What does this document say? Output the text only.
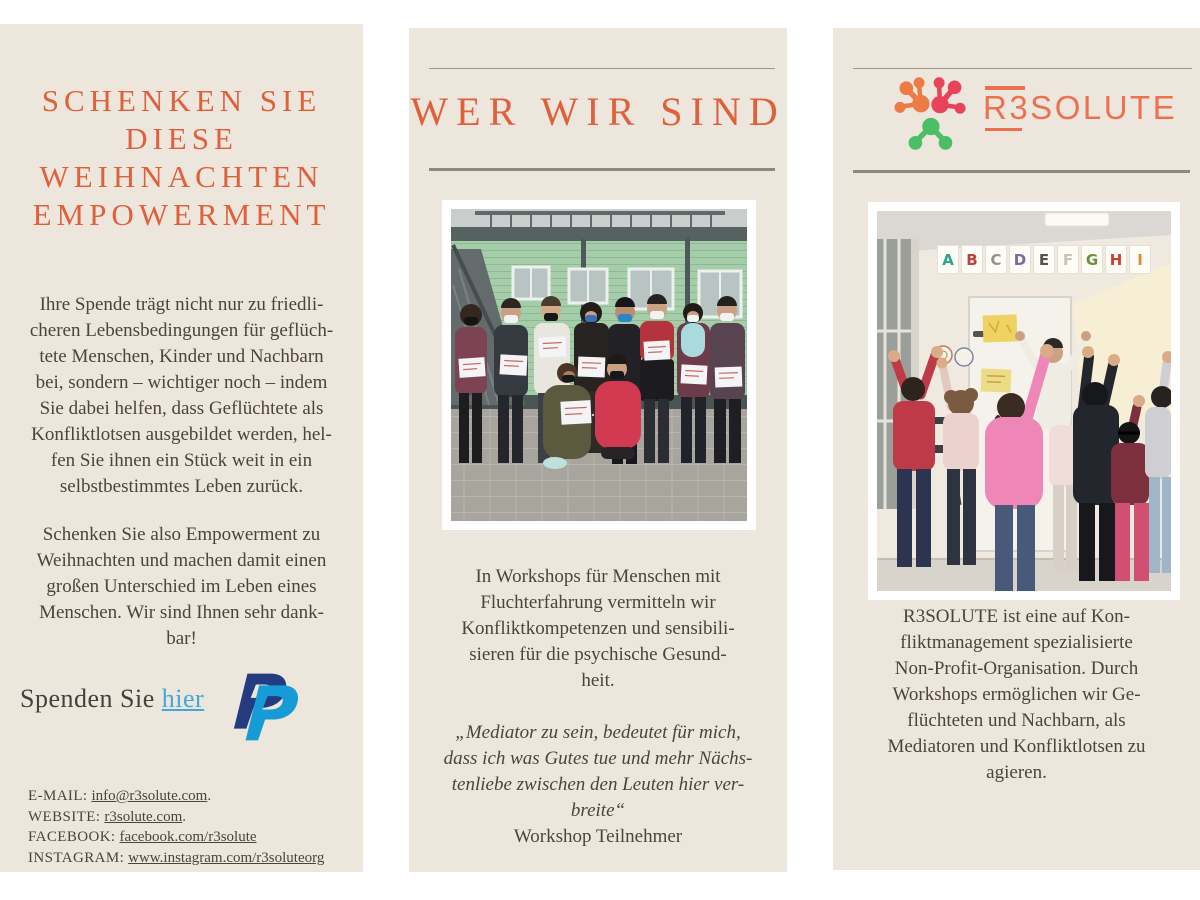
SCHENKEN SIE
DIESE
WEIHNACHTEN
EMPOWERMENT
Ihre Spende trägt nicht nur zu friedli-
cheren Lebensbedingungen für geflüch-
tete Menschen, Kinder und Nachbarn
bei, sondern – wichtiger noch – indem
Sie dabei helfen, dass Geflüchtete als
Konfliktlotsen ausgebildet werden, hel-
fen Sie ihnen ein Stück weit in ein
selbstbestimmtes Leben zurück.
Schenken Sie also Empowerment zu
Weihnachten und machen damit einen
großen Unterschied im Leben eines
Menschen. Wir sind Ihnen sehr dank-
bar!
Spenden Sie hier
E-MAIL: info@r3solute.com.
WEBSITE: r3solute.com.
FACEBOOK: facebook.com/r3solute
INSTAGRAM: www.instagram.com/r3soluteorg
WER WIR SIND
In Workshops für Menschen mit
Fluchterfahrung vermitteln wir
Konfliktkompetenzen und sensibili-
sieren für die psychische Gesund-
heit.
„Mediator zu sein, bedeutet für mich,
dass ich was Gutes tue und mehr Nächs-
tenliebe zwischen den Leuten hier ver-
breite“
Workshop Teilnehmer
R3SOLUTE
A B C D E F G H I
R3SOLUTE ist eine auf Kon-
fliktmanagement spezialisierte
Non-Profit-Organisation. Durch
Workshops ermöglichen wir Ge-
flüchteten und Nachbarn, als
Mediatoren und Konfliktlotsen zu
agieren.
